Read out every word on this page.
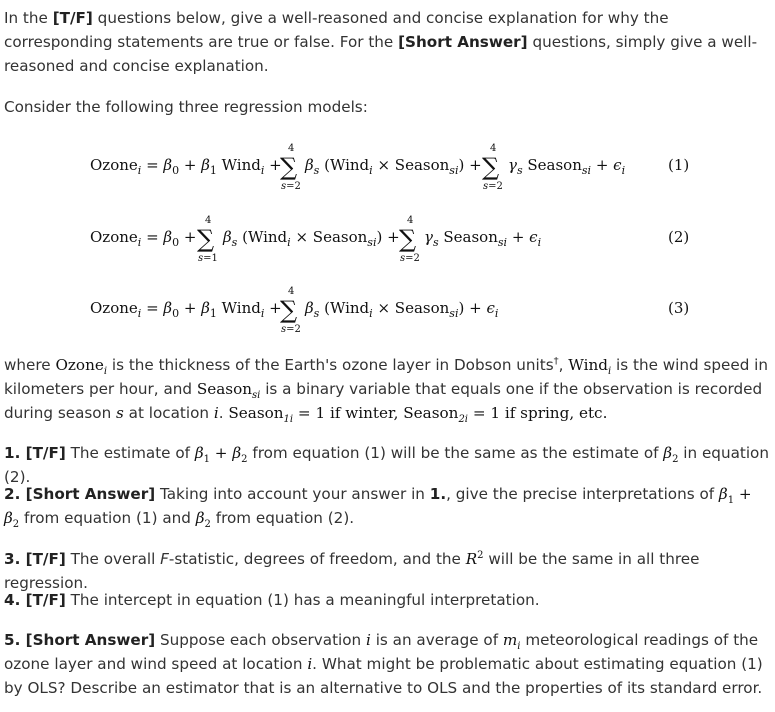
In the [T/F] questions below, give a well-reasoned and concise explanation for why the corresponding statements are true or false. For the [Short Answer] questions, simply give a well-reasoned and concise explanation.

Consider the following three regression models:

Ozone$_i$ = $\beta_0 + \beta_1$ Wind$_i$ +
∑
4
s=2
$\beta_s$ (Wind$_i$ × Season$_{si}$) + ∑
4
s=2
$\gamma_s$ Season$_{si}$ + $\epsilon_i$	(1)
Ozone$_i$ = $\beta_0$ + ∑
4
s=1
$\beta_s$ (Wind$_i$ × Season$_{si}$) + ∑
4
s=2
$\gamma_s$ Season$_{si}$ + $\epsilon_i$	(2)
Ozone$_i$ = $\beta_0 + \beta_1$ Wind$_i$ +
∑
4
s=2
$\beta_s$ (Wind$_i$ × Season$_{si}$) + $\epsilon_i$	(3)

where Ozone$_i$ is the thickness of the Earth's ozone layer in Dobson units†, Wind$_i$ is the wind speed in kilometers per hour, and Season$_{si}$ is a binary variable that equals one if the observation is recorded during season s at location i. Season$_{1i}$ = 1 if winter, Season$_{2i}$ = 1 if spring, etc.

1. [T/F] The estimate of $\beta_1 + \beta_2$ from equation (1) will be the same as the estimate of $\beta_2$ in equation (2).

2. [Short Answer] Taking into account your answer in 1., give the precise interpretations of $\beta_1 + \beta_2$ from equation (1) and $\beta_2$ from equation (2).

3. [T/F] The overall F-statistic, degrees of freedom, and the $R^2$ will be the same in all three regression.

4. [T/F] The intercept in equation (1) has a meaningful interpretation.

5. [Short Answer] Suppose each observation i is an average of $m_i$ meteorological readings of the ozone layer and wind speed at location i. What might be problematic about estimating equation (1) by OLS? Describe an estimator that is an alternative to OLS and the properties of its standard error.
